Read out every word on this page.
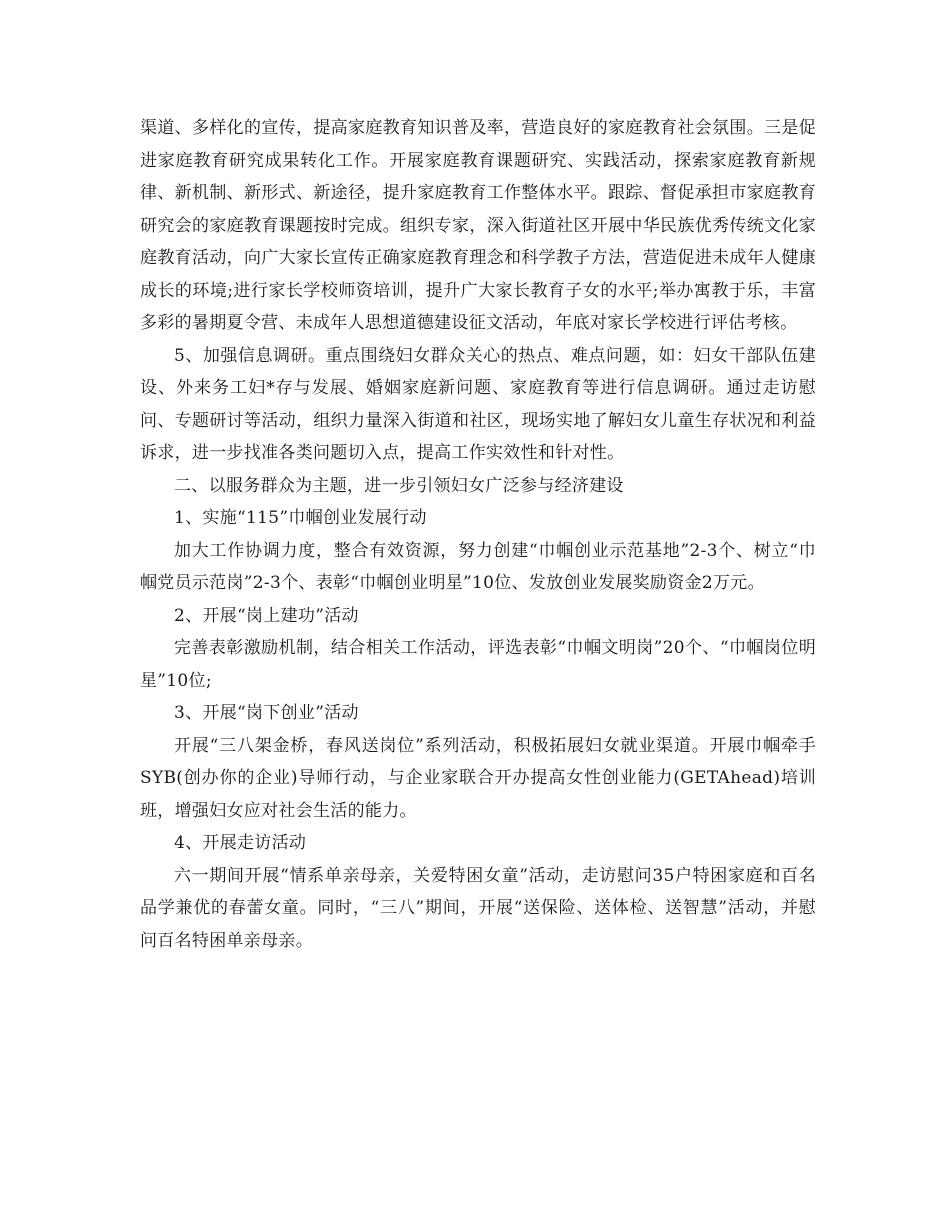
渠道、多样化的宣传，提高家庭教育知识普及率，营造良好的家庭教育社会氛围。三是促进家庭教育研究成果转化工作。开展家庭教育课题研究、实践活动，探索家庭教育新规律、新机制、新形式、新途径，提升家庭教育工作整体水平。跟踪、督促承担市家庭教育研究会的家庭教育课题按时完成。组织专家，深入街道社区开展中华民族优秀传统文化家庭教育活动，向广大家长宣传正确家庭教育理念和科学教子方法，营造促进未成年人健康成长的环境;进行家长学校师资培训，提升广大家长教育子女的水平;举办寓教于乐，丰富多彩的暑期夏令营、未成年人思想道德建设征文活动，年底对家长学校进行评估考核。

5、加强信息调研。重点围绕妇女群众关心的热点、难点问题，如：妇女干部队伍建设、外来务工妇*存与发展、婚姻家庭新问题、家庭教育等进行信息调研。通过走访慰问、专题研讨等活动，组织力量深入街道和社区，现场实地了解妇女儿童生存状况和利益诉求，进一步找准各类问题切入点，提高工作实效性和针对性。

二、以服务群众为主题，进一步引领妇女广泛参与经济建设

1、实施“115”巾帼创业发展行动

加大工作协调力度，整合有效资源，努力创建“巾帼创业示范基地”2-3个、树立“巾帼党员示范岗”2-3个、表彰“巾帼创业明星”10位、发放创业发展奖励资金2万元。

2、开展“岗上建功”活动

完善表彰激励机制，结合相关工作活动，评选表彰“巾帼文明岗”20个、“巾帼岗位明星”10位;

3、开展“岗下创业”活动

开展“三八架金桥，春风送岗位”系列活动，积极拓展妇女就业渠道。开展巾帼牵手SYB(创办你的企业)导师行动，与企业家联合开办提高女性创业能力(GETAhead)培训班，增强妇女应对社会生活的能力。

4、开展走访活动

六一期间开展“情系单亲母亲，关爱特困女童”活动，走访慰问35户特困家庭和百名品学兼优的春蕾女童。同时，“三八”期间，开展“送保险、送体检、送智慧”活动，并慰问百名特困单亲母亲。
